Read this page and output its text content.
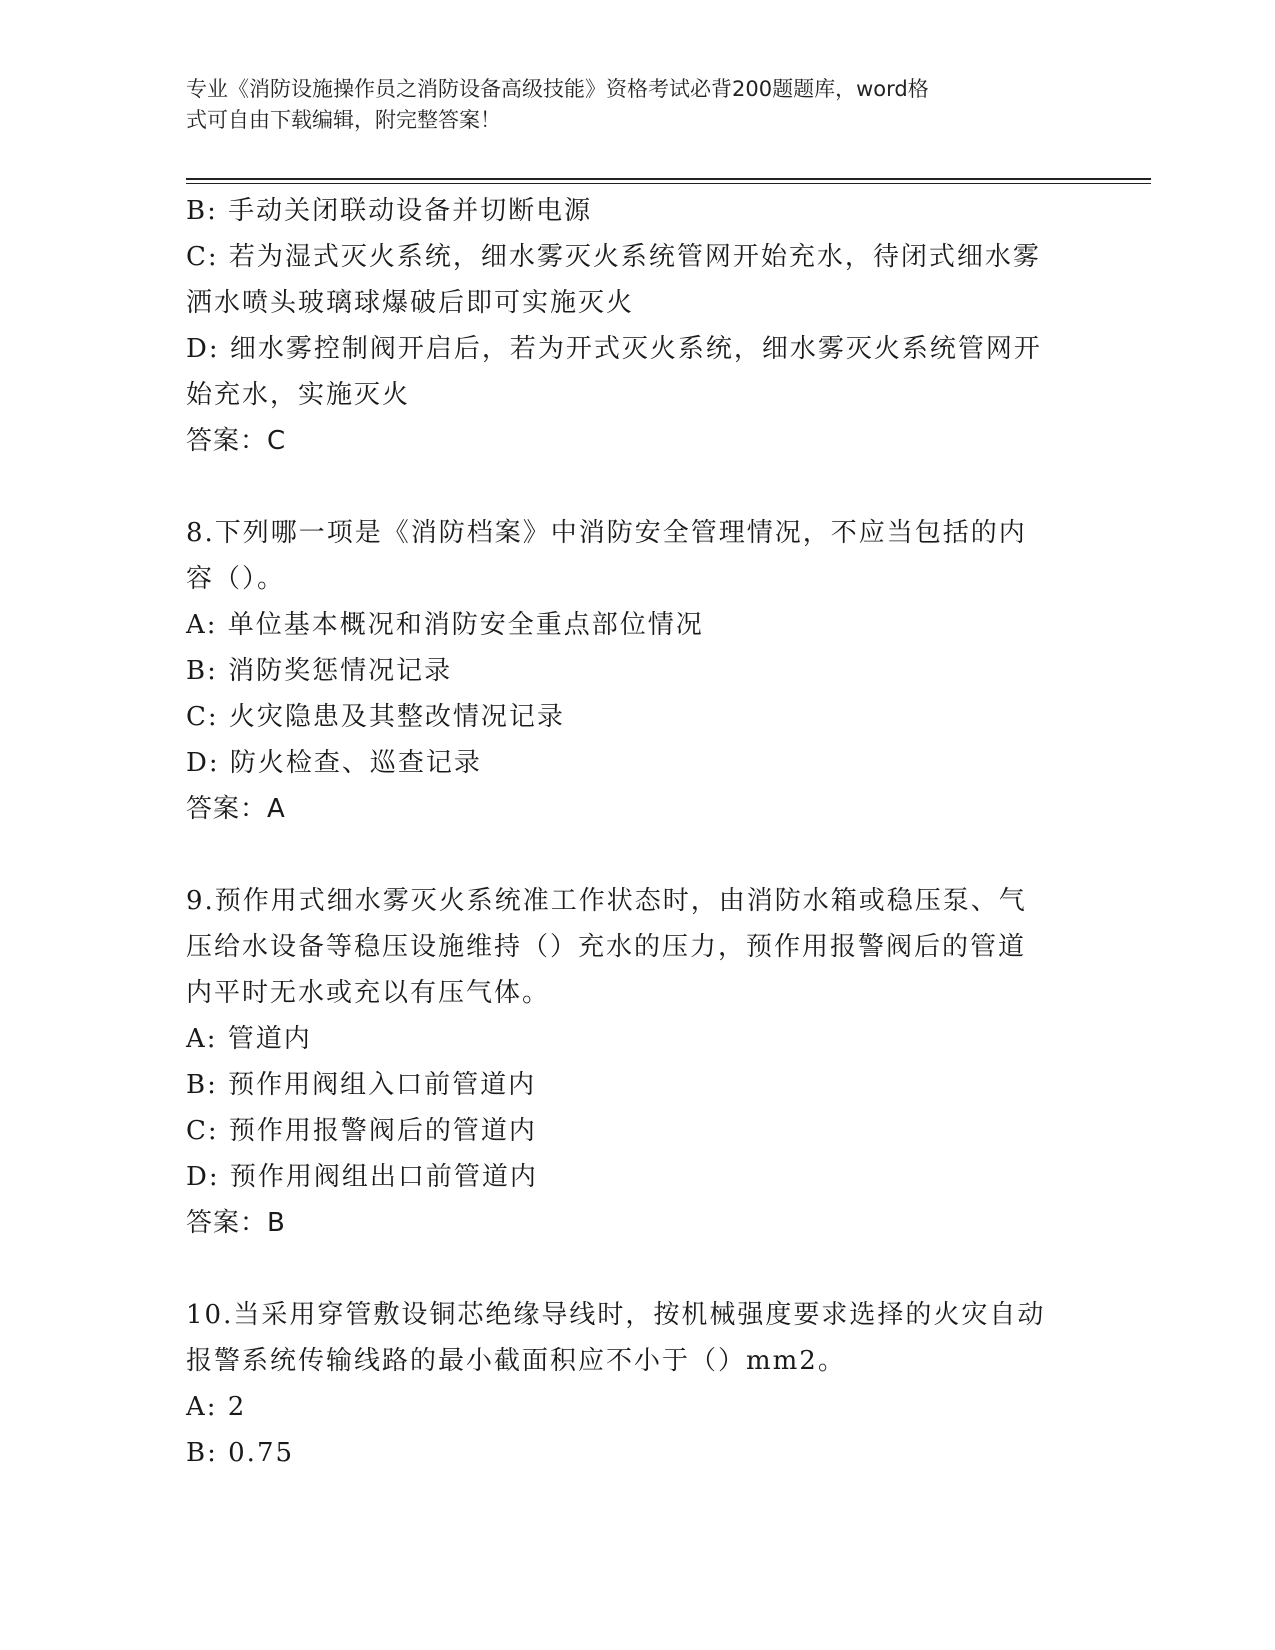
专业《消防设施操作员之消防设备高级技能》资格考试必背200题题库，word格
式可自由下载编辑，附完整答案！
B: 手动关闭联动设备并切断电源
C: 若为湿式灭火系统，细水雾灭火系统管网开始充水，待闭式细水雾
洒水喷头玻璃球爆破后即可实施灭火
D: 细水雾控制阀开启后，若为开式灭火系统，细水雾灭火系统管网开
始充水，实施灭火
答案：C
8.下列哪一项是《消防档案》中消防安全管理情况，不应当包括的内
容（）。
A: 单位基本概况和消防安全重点部位情况
B: 消防奖惩情况记录
C: 火灾隐患及其整改情况记录
D: 防火检查、巡查记录
答案：A
9.预作用式细水雾灭火系统准工作状态时，由消防水箱或稳压泵、气
压给水设备等稳压设施维持（）充水的压力，预作用报警阀后的管道
内平时无水或充以有压气体。
A: 管道内
B: 预作用阀组入口前管道内
C: 预作用报警阀后的管道内
D: 预作用阀组出口前管道内
答案：B
10.当采用穿管敷设铜芯绝缘导线时，按机械强度要求选择的火灾自动
报警系统传输线路的最小截面积应不小于（）mm2。
A: 2
B: 0.75
